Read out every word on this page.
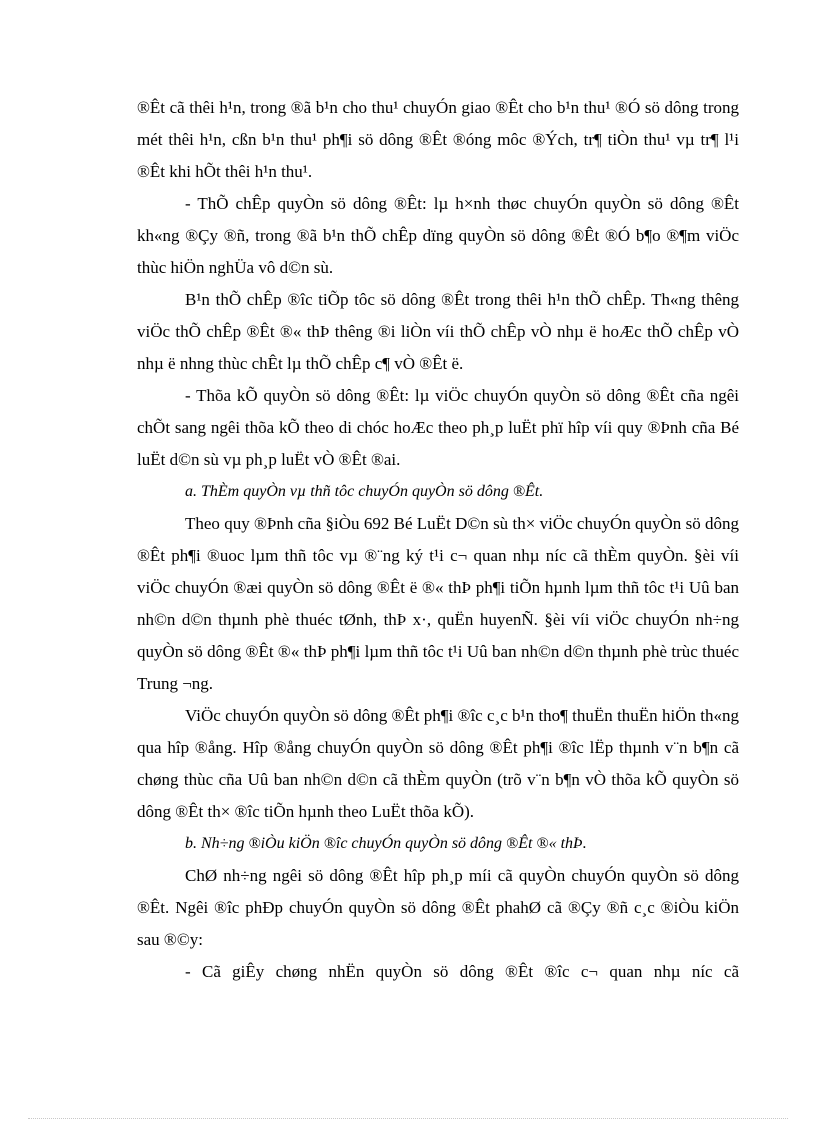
®Êt cã thêi h¹n, trong ®ã b¹n cho thu¹ chuyÓn giao ®Êt cho b¹n thu¹ ®Ó sö dông trong mét thêi h¹n, cßn b¹n thu¹ ph¶i sö dông ®Êt ®óng môc ®Ých, tr¶ tiÒn thu¹ vµ tr¶ l¹i ®Êt khi hÕt thêi h¹n thu¹.

- ThÕ chÊp quyÒn sö dông ®Êt: lµ h×nh thøc chuyÓn quyÒn sö dông ®Êt kh«ng ®Çy ®ñ, trong ®ã b¹n thÕ chÊp dïng quyÒn sö dông ®Êt ®Ó b¶o ®¶m viÖc thùc hiÖn nghÜa vô d©n sù.

B¹n thÕ chÊp ®îc tiÕp tôc sö dông ®Êt trong thêi h¹n thÕ chÊp. Th«ng thêng viÖc thÕ chÊp ®Êt ®« thÞ thêng ®i liÒn víi thÕ chÊp vÒ nhµ ë hoÆc thÕ chÊp vÒ nhµ ë nhng thùc chÊt lµ thÕ chÊp c¶ vÒ ®Êt ë.

- Thõa kÕ quyÒn sö dông ®Êt: lµ viÖc chuyÓn quyÒn sö dông ®Êt cña ngêi chÕt sang ngêi thõa kÕ theo di chóc hoÆc theo ph¸p luËt phï hîp víi quy ®Þnh cña Bé luËt d©n sù vµ ph¸p luËt vÒ ®Êt ®ai.

a. ThÈm quyÒn vµ thñ tôc chuyÓn quyÒn sö dông ®Êt.

Theo quy ®Þnh cña §iÒu 692 Bé LuËt D©n sù th× viÖc chuyÓn quyÒn sö dông ®Êt ph¶i ®uoc lµm thñ tôc vµ ®¨ng ký t¹i c¬ quan nhµ níc cã thÈm quyÒn. §èi víi viÖc chuyÓn ®æi quyÒn sö dông ®Êt ë ®« thÞ ph¶i tiÕn hµnh lµm thñ tôc t¹i Uû ban nh©n d©n thµnh phè thuéc tØnh, thÞ x·, quËn huyenÑ. §èi víi viÖc chuyÓn nh÷ng quyÒn sö dông ®Êt ®« thÞ ph¶i lµm thñ tôc t¹i Uû ban nh©n d©n thµnh phè trùc thuéc Trung ¬ng.

ViÖc chuyÓn quyÒn sö dông ®Êt ph¶i ®îc c¸c b¹n tho¶ thuËn thuËn hiÖn th«ng qua hîp ®ång. Hîp ®ång chuyÓn quyÒn sö dông ®Êt ph¶i ®îc lËp thµnh v¨n b¶n cã chøng thùc cña Uû ban nh©n d©n cã thÈm quyÒn (trõ v¨n b¶n vÒ thõa kÕ quyÒn sö dông ®Êt th× ®îc tiÕn hµnh theo LuËt thõa kÕ).

b. Nh÷ng ®iÒu kiÖn ®îc chuyÓn quyÒn sö dông ®Êt ®« thÞ.

ChØ nh÷ng ngêi sö dông ®Êt hîp ph¸p míi cã quyÒn chuyÓn quyÒn sö dông ®Êt. Ngêi ®îc phÐp chuyÓn quyÒn sö dông ®Êt phahØ cã ®Çy ®ñ c¸c ®iÒu kiÖn sau ®©y:

- Cã giÊy chøng nhËn quyÒn sö dông ®Êt ®îc c¬ quan nhµ níc cã
